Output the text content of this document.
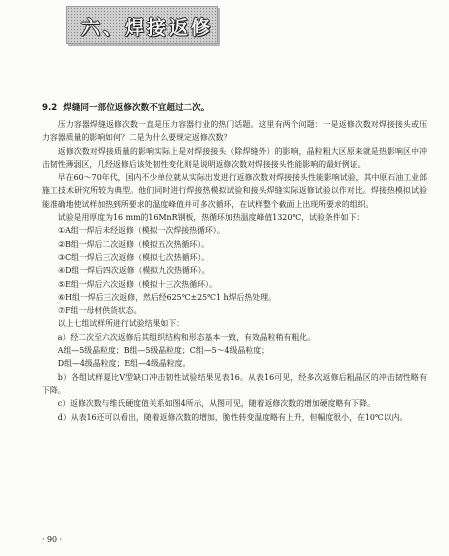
六、焊接返修
9.2 焊缝同一部位返修次数不宜超过二次。

压力容器焊缝返修次数一直是压力容器行业的热门话题。这里有两个问题：一是返修次数对焊接接头或压力容器质量的影响如何？二是为什么要规定返修次数？

返修次数对焊接质量的影响实际上是对焊接接头（除焊缝外）的影响，晶粒粗大区原来就是热影响区中冲击韧性薄弱区，几经返修后该处韧性变化则是说明返修次数对焊接接头性能影响的最好例证。

早在60～70年代，国内不少单位就从实际出发进行返修次数对焊接接头性能影响试验，其中原石油工业部施工技术研究所较为典型。他们同时进行焊接热模拟试验和接头焊缝实际返修试验以作对比。焊接热模拟试验能准确地使试样加热到所要求的温度峰值并可多次循环，在试样整个截面上出现所要求的组织。

试验是用厚度为16 mm的16MnR钢板，热循环加热温度峰值1320℃，试验条件如下：

①A组一焊后未经返修（模拟一次焊接热循环）。

②B组一焊后二次返修（模拟五次热循环）。

③C组一焊后三次返修（模拟七次热循环）。

④D组一焊后四次返修（模拟九次热循环）。

⑤E组一焊后六次返修（模拟十三次热循环）。

⑥H组一焊后三次返修，然后经625℃±25℃1 h焊后热处理。

⑦F组一母材供货状态。

以上七组试样所进行试验结果如下：

a）经二次至六次返修后其组织结构和形态基本一致，有效晶粒稍有粗化。

A组—5级晶粒度；B组—5级晶粒度；C组—5～4级晶粒度；

D组—4级晶粒度；E组—4级晶粒度。

b）各组试样夏比V型缺口冲击韧性试验结果见表16。从表16可见，经多次返修后粗晶区的冲击韧性略有下降。

c）返修次数与维氏硬度值关系如图4所示，从图可见，随着返修次数的增加硬度略有下降。

d）从表16还可以看出，随着返修次数的增加，脆性转变温度略有上升，但幅度很小，在10℃以内。

· 90 ·
